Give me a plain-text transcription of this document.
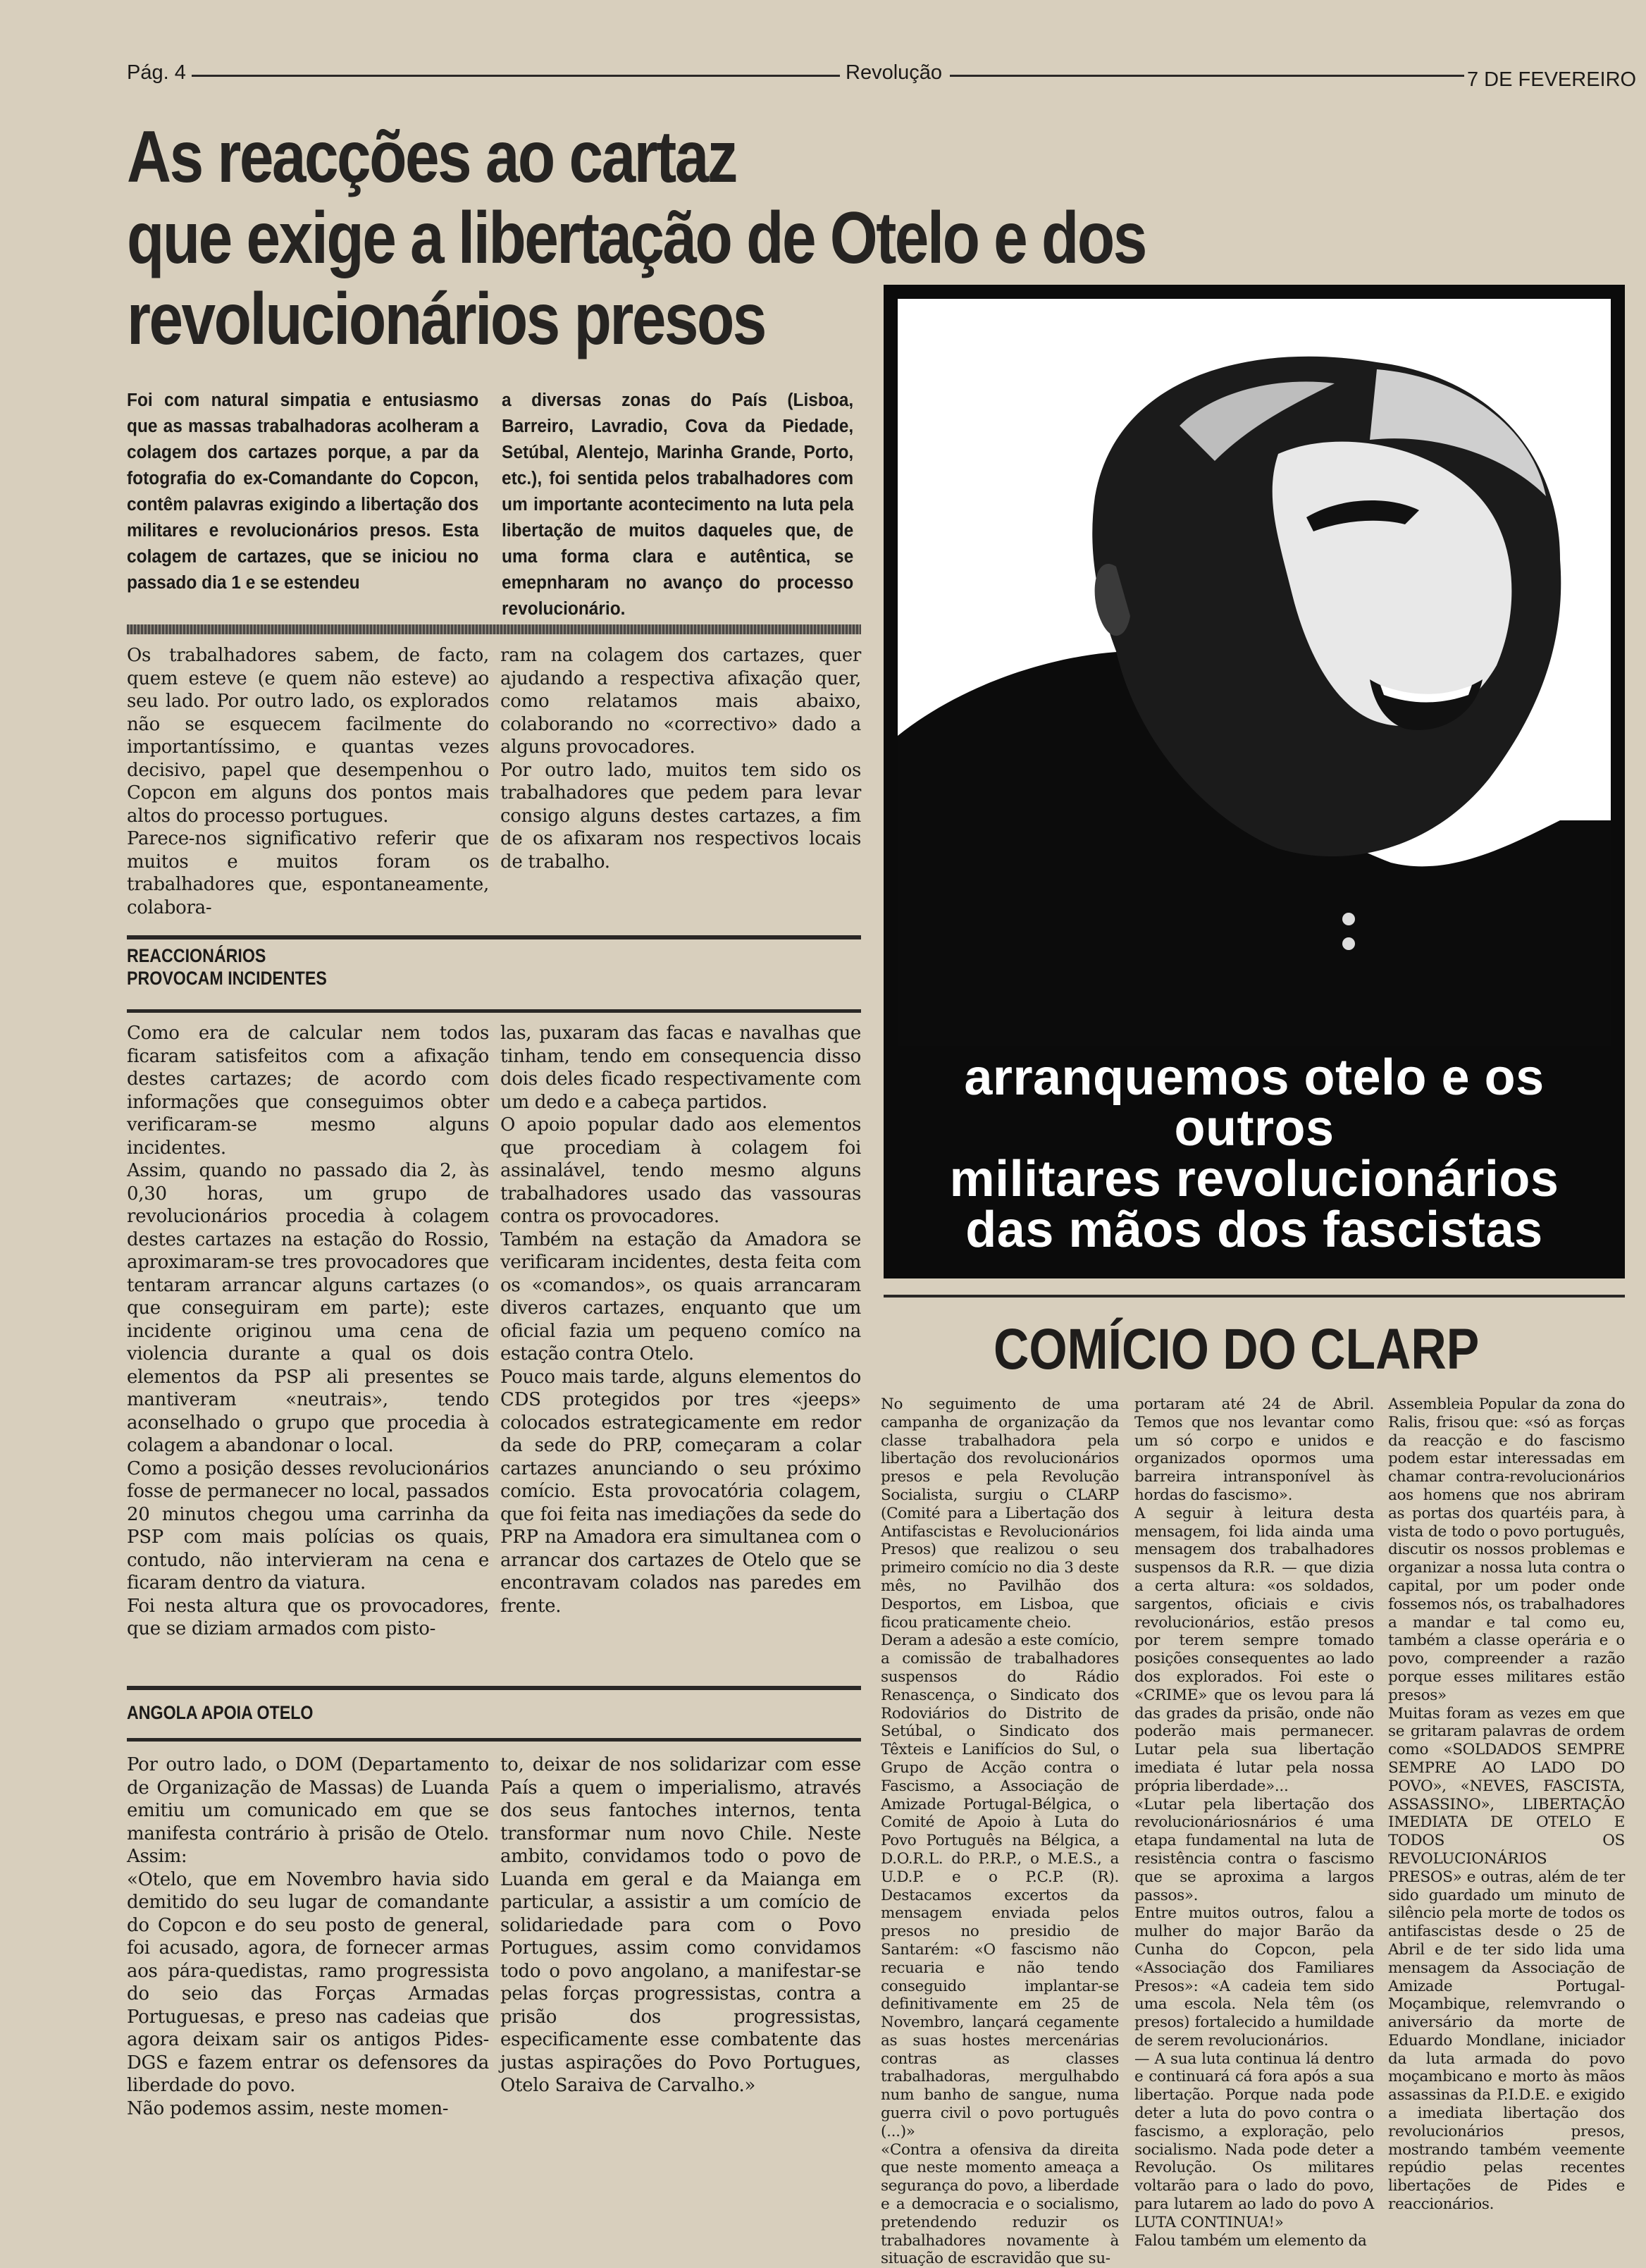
Pág. 4	Revolução	7 DE FEVEREIRO
As reacções ao cartaz
que exige a libertação de Otelo e dos
revolucionários presos
Foi com natural simpatia e entusiasmo que as massas trabalhadoras acolheram a colagem dos cartazes porque, a par da fotografia do ex-Comandante do Copcon, contêm palavras exigindo a libertação dos militares e revolucionários presos. Esta colagem de cartazes, que se iniciou no passado dia 1 e se estendeu
a diversas zonas do País (Lisboa, Barreiro, Lavradio, Cova da Piedade, Setúbal, Alentejo, Marinha Grande, Porto, etc.), foi sentida pelos trabalhadores com um importante acontecimento na luta pela libertação de muitos daqueles que, de uma forma clara e autêntica, se emepnharam no avanço do processo revolucionário.
Os trabalhadores sabem, de facto, quem esteve (e quem não esteve) ao seu lado. Por outro lado, os explorados não se esquecem facilmente do importantíssimo, e quantas vezes decisivo, papel que desempenhou o Copcon em alguns dos pontos mais altos do processo portugues.
Parece-nos significativo referir que muitos e muitos foram os trabalhadores que, espontaneamente, colabora-
ram na colagem dos cartazes, quer ajudando a respectiva afixação quer, como relatamos mais abaixo, colaborando no «correctivo» dado a alguns provocadores.
Por outro lado, muitos tem sido os trabalhadores que pedem para levar consigo alguns destes cartazes, a fim de os afixaram nos respectivos locais de trabalho.
REACCIONÁRIOS
PROVOCAM INCIDENTES
Como era de calcular nem todos ficaram satisfeitos com a afixação destes cartazes; de acordo com informações que conseguimos obter verificaram-se mesmo alguns incidentes.
Assim, quando no passado dia 2, às 0,30 horas, um grupo de revolucionários procedia à colagem destes cartazes na estação do Rossio, aproximaram-se tres provocadores que tentaram arrancar alguns cartazes (o que conseguiram em parte); este incidente originou uma cena de violencia durante a qual os dois elementos da PSP ali presentes se mantiveram «neutrais», tendo aconselhado o grupo que procedia à colagem a abandonar o local.
Como a posição desses revolucionários fosse de permanecer no local, passados 20 minutos chegou uma carrinha da PSP com mais polícias os quais, contudo, não intervieram na cena e ficaram dentro da viatura.
Foi nesta altura que os provocadores, que se diziam armados com pisto-
las, puxaram das facas e navalhas que tinham, tendo em consequencia disso dois deles ficado respectivamente com um dedo e a cabeça partidos.
O apoio popular dado aos elementos que procediam à colagem foi assinalável, tendo mesmo alguns trabalhadores usado das vassouras contra os provocadores.
Também na estação da Amadora se verificaram incidentes, desta feita com os «comandos», os quais arrancaram diveros cartazes, enquanto que um oficial fazia um pequeno comíco na estação contra Otelo.
Pouco mais tarde, alguns elementos do CDS protegidos por tres «jeeps» colocados estrategicamente em redor da sede do PRP, começaram a colar cartazes anunciando o seu próximo comício. Esta provocatória colagem, que foi feita nas imediações da sede do PRP na Amadora era simultanea com o arrancar dos cartazes de Otelo que se encontravam colados nas paredes em frente.
ANGOLA APOIA OTELO
Por outro lado, o DOM (Departamento de Organização de Massas) de Luanda emitiu um comunicado em que se manifesta contrário à prisão de Otelo. Assim:
«Otelo, que em Novembro havia sido demitido do seu lugar de comandante do Copcon e do seu posto de general, foi acusado, agora, de fornecer armas aos pára-quedistas, ramo progressista do seio das Forças Armadas Portuguesas, e preso nas cadeias que agora deixam sair os antigos Pides-DGS e fazem entrar os defensores da liberdade do povo.
Não podemos assim, neste momen-
to, deixar de nos solidarizar com esse País a quem o imperialismo, através dos seus fantoches internos, tenta transformar num novo Chile. Neste ambito, convidamos todo o povo de Luanda em geral e da Maianga em particular, a assistir a um comício de solidariedade para com o Povo Portugues, assim como convidamos todo o povo angolano, a manifestar-se pelas forças progressistas, contra a prisão dos progressistas, especificamente esse combatente das justas aspirações do Povo Portugues, Otelo Saraiva de Carvalho.»
arranquemos otelo e os
outros
militares revolucionários
das mãos dos fascistas
COMÍCIO DO CLARP
No seguimento de uma campanha de organização da classe trabalhadora pela libertação dos revolucionários presos e pela Revolução Socialista, surgiu o CLARP (Comité para a Libertação dos Antifascistas e Revolucionários Presos) que realizou o seu primeiro comício no dia 3 deste mês, no Pavilhão dos Desportos, em Lisboa, que ficou praticamente cheio.
Deram a adesão a este comício, a comissão de trabalhadores suspensos do Rádio Renascença, o Sindicato dos Rodoviários do Distrito de Setúbal, o Sindicato dos Têxteis e Lanifícios do Sul, o Grupo de Acção contra o Fascismo, a Associação de Amizade Portugal-Bélgica, o Comité de Apoio à Luta do Povo Português na Bélgica, a D.O.R.L. do P.R.P., o M.E.S., a U.D.P. e o P.C.P. (R). Destacamos excertos da mensagem enviada pelos presos no presidio de Santarém: «O fascismo não recuaria e não tendo conseguido implantar-se definitivamente em 25 de Novembro, lançará cegamente as suas hostes mercenárias contras as classes trabalhadoras, mergulhabdo num banho de sangue, numa guerra civil o povo português (...)»
«Contra a ofensiva da direita que neste momento ameaça a segurança do povo, a liberdade e a democracia e o socialismo, pretendendo reduzir os trabalhadores novamente à situação de escravidão que su-
portaram até 24 de Abril. Temos que nos levantar como um só corpo e unidos e organizados opormos uma barreira intransponível às hordas do fascismo».
A seguir à leitura desta mensagem, foi lida ainda uma mensagem dos trabalhadores suspensos da R.R. — que dizia a certa altura: «os soldados, sargentos, oficiais e civis revolucionários, estão presos por terem sempre tomado posições consequentes ao lado dos explorados. Foi este o «CRIME» que os levou para lá das grades da prisão, onde não poderão mais permanecer. Lutar pela sua libertação imediata é lutar pela nossa própria liberdade»...
«Lutar pela libertação dos revolucionáriosnários é uma etapa fundamental na luta de resistência contra o fascismo que se aproxima a largos passos».
Entre muitos outros, falou a mulher do major Barão da Cunha do Copcon, pela «Associação dos Familiares Presos»: «A cadeia tem sido uma escola. Nela têm (os presos) fortalecido a humildade de serem revolucionários.
— A sua luta continua lá dentro e continuará cá fora após a sua libertação. Porque nada pode deter a luta do povo contra o fascismo, a exploração, pelo socialismo. Nada pode deter a Revolução. Os militares voltarão para o lado do povo, para lutarem ao lado do povo A LUTA CONTINUA!»
Falou também um elemento da
Assembleia Popular da zona do Ralis, frisou que: «só as forças da reacção e do fascismo podem estar interessadas em chamar contra-revolucionários aos homens que nos abriram as portas dos quartéis para, à vista de todo o povo português, discutir os nossos problemas e organizar a nossa luta contra o capital, por um poder onde fossemos nós, os trabalhadores a mandar e tal como eu, também a classe operária e o povo, compreender a razão porque esses militares estão presos»
Muitas foram as vezes em que se gritaram palavras de ordem como «SOLDADOS SEMPRE SEMPRE AO LADO DO POVO», «NEVES, FASCISTA, ASSASSINO», LIBERTAÇÃO IMEDIATA DE OTELO E TODOS OS REVOLUCIONÁRIOS PRESOS» e outras, além de ter sido guardado um minuto de silêncio pela morte de todos os antifascistas desde o 25 de Abril e de ter sido lida uma mensagem da Associação de Amizade Portugal-Moçambique, relemvrando o aniversário da morte de Eduardo Mondlane, iniciador da luta armada do povo moçambicano e morto às mãos assassinas da P.I.D.E. e exigido a imediata libertação dos revolucionários presos, mostrando também veemente repúdio pelas recentes libertações de Pides e reaccionários.
